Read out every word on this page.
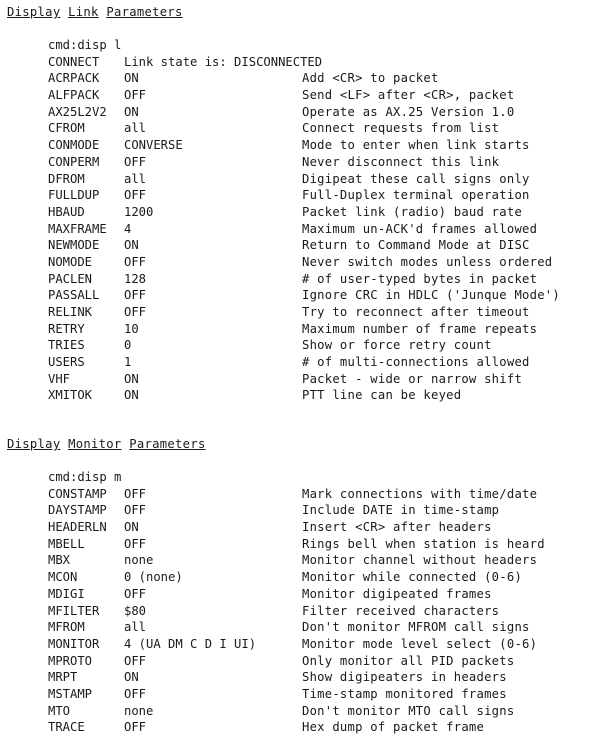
Display Link Parameters
cmd:disp l
CONNECT Link state is: DISCONNECTED
ACRPACK ON	Add <CR> to packet
ALFPACK OFF	Send <LF> after <CR>, packet
AX25L2V2 ON	Operate as AX.25 Version 1.0
CFROM	all	Connect requests from list
CONMODE CONVERSE	Mode to enter when link starts
CONPERM OFF	Never disconnect this link
DFROM	all	Digipeat these call signs only
FULLDUP OFF	Full-Duplex terminal operation
HBAUD	1200	Packet link (radio) baud rate
MAXFRAME 4	Maximum un-ACK'd frames allowed
NEWMODE ON	Return to Command Mode at DISC
NOMODE	OFF	Never switch modes unless ordered
PACLEN	128	# of user-typed bytes in packet
PASSALL OFF	Ignore CRC in HDLC ('Junque Mode')
RELINK	OFF	Try to reconnect after timeout
RETRY	10	Maximum number of frame repeats
TRIES	0	Show or force retry count
USERS	1	# of multi-connections allowed
VHF	ON	Packet - wide or narrow shift
XMITOK	ON	PTT line can be keyed
Display Monitor Parameters
cmd:disp m
CONSTAMP OFF	Mark connections with time/date
DAYSTAMP OFF	Include DATE in time-stamp
HEADERLN ON	Insert <CR> after headers
MBELL	OFF	Rings bell when station is heard
MBX	none	Monitor channel without headers
MCON	0 (none)	Monitor while connected (0-6)
MDIGI	OFF	Monitor digipeated frames
MFILTER $80	Filter received characters
MFROM	all	Don't monitor MFROM call signs
MONITOR 4 (UA DM C D I UI)	Monitor mode level select (0-6)
MPROTO	OFF	Only monitor all PID packets
MRPT	ON	Show digipeaters in headers
MSTAMP	OFF	Time-stamp monitored frames
MTO	none	Don't monitor MTO call signs
TRACE	OFF	Hex dump of packet frame
